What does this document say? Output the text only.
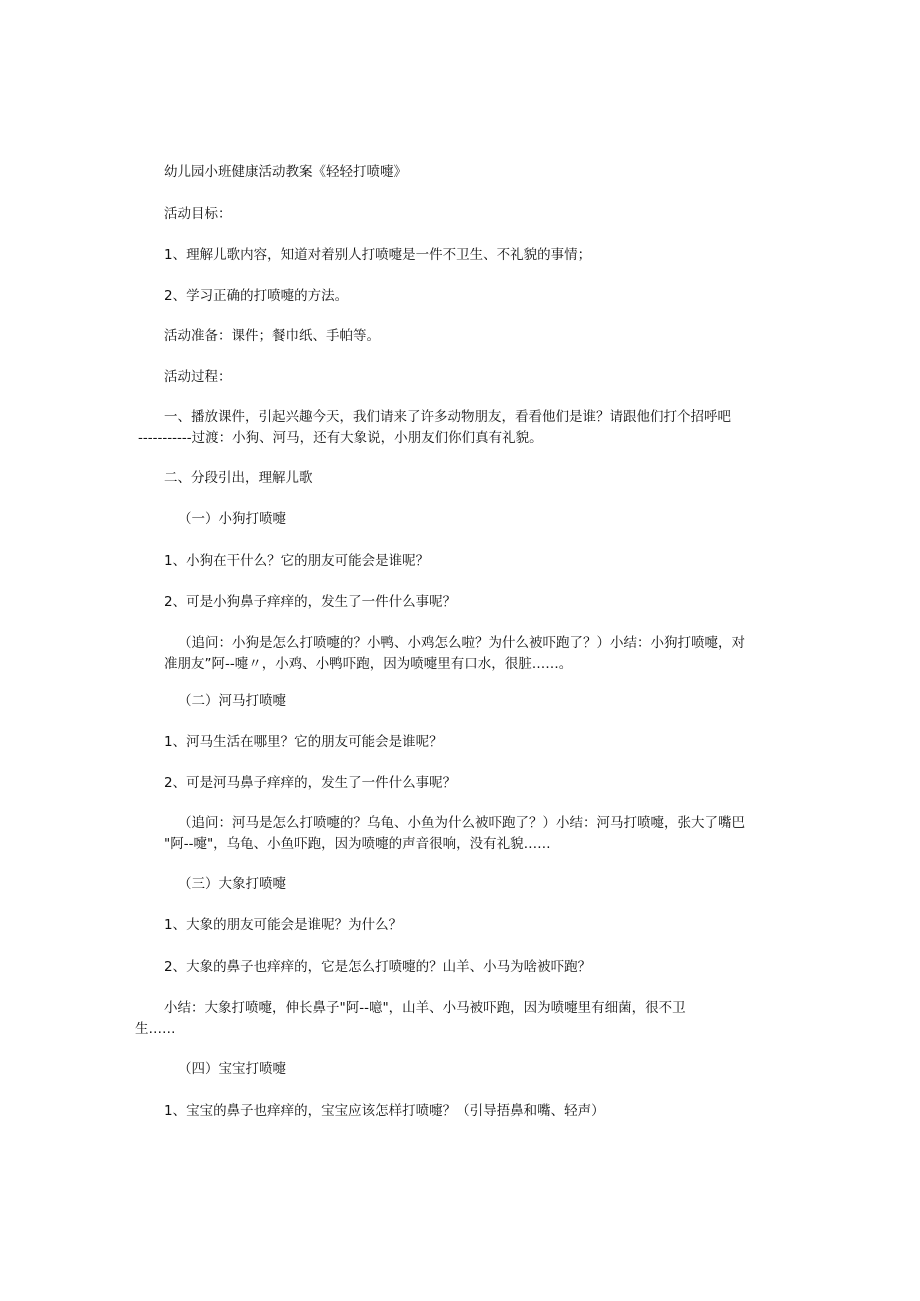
幼儿园小班健康活动教案《轻轻打喷嚏》
活动目标：
1、理解儿歌内容，知道对着别人打喷嚏是一件不卫生、不礼貌的事情；
2、学习正确的打喷嚏的方法。
活动准备：课件；餐巾纸、手帕等。
活动过程：
一、播放课件，引起兴趣今天，我们请来了许多动物朋友，看看他们是谁？请跟他们打个招呼吧
-----------过渡：小狗、河马，还有大象说，小朋友们你们真有礼貌。
二、分段引出，理解儿歌
（一）小狗打喷嚏
1、小狗在干什么？它的朋友可能会是谁呢？
2、可是小狗鼻子痒痒的，发生了一件什么事呢？
（追问：小狗是怎么打喷嚏的？小鸭、小鸡怎么啦？为什么被吓跑了？）小结：小狗打喷嚏，对
准朋友”阿--嚏〃，小鸡、小鸭吓跑，因为喷嚏里有口水，很脏……。
（二）河马打喷嚏
1、河马生活在哪里？它的朋友可能会是谁呢？
2、可是河马鼻子痒痒的，发生了一件什么事呢？
（追问：河马是怎么打喷嚏的？乌龟、小鱼为什么被吓跑了？）小结：河马打喷嚏，张大了嘴巴
"阿--嚏"，乌龟、小鱼吓跑，因为喷嚏的声音很响，没有礼貌……
（三）大象打喷嚏
1、大象的朋友可能会是谁呢？为什么？
2、大象的鼻子也痒痒的，它是怎么打喷嚏的？山羊、小马为啥被吓跑？
小结：大象打喷嚏，伸长鼻子"阿--噫"，山羊、小马被吓跑，因为喷嚏里有细菌，很不卫
生……
（四）宝宝打喷嚏
1、宝宝的鼻子也痒痒的，宝宝应该怎样打喷嚏？（引导捂鼻和嘴、轻声）
